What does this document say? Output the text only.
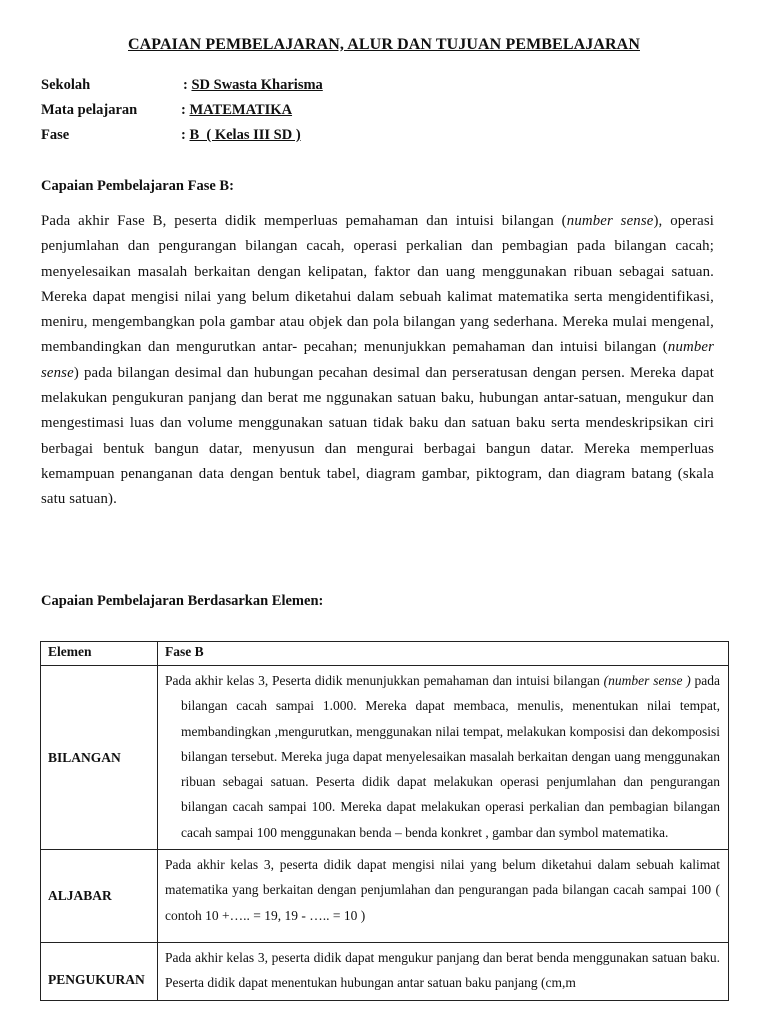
CAPAIAN PEMBELAJARAN, ALUR DAN TUJUAN PEMBELAJARAN
Sekolah	: SD Swasta Kharisma
Mata pelajaran	: MATEMATIKA
Fase	: B  ( Kelas III SD )
Capaian Pembelajaran Fase B:

Pada akhir Fase B, peserta didik memperluas pemahaman dan intuisi bilangan (number sense), operasi penjumlahan dan pengurangan bilangan cacah, operasi perkalian dan pembagian pada bilangan cacah; menyelesaikan masalah berkaitan dengan kelipatan, faktor dan uang menggunakan ribuan sebagai satuan. Mereka dapat mengisi nilai yang belum diketahui dalam sebuah kalimat matematika serta mengidentifikasi, meniru, mengembangkan pola gambar atau objek dan pola bilangan yang sederhana. Mereka mulai mengenal, membandingkan dan mengurutkan antar- pecahan; menunjukkan pemahaman dan intuisi bilangan (number sense) pada bilangan desimal dan hubungan pecahan desimal dan perseratusan dengan persen. Mereka dapat melakukan pengukuran panjang dan berat me nggunakan satuan baku, hubungan antar-satuan, mengukur dan mengestimasi luas dan volume menggunakan satuan tidak baku dan satuan baku serta mendeskripsikan ciri berbagai bentuk bangun datar, menyusun dan mengurai berbagai bangun datar. Mereka memperluas kemampuan penanganan data dengan bentuk tabel, diagram gambar, piktogram, dan diagram batang (skala satu satuan).

Capaian Pembelajaran Berdasarkan Elemen:
Elemen	Fase B
BILANGAN	Pada akhir kelas 3, Peserta didik menunjukkan pemahaman dan intuisi bilangan (number sense ) pada bilangan cacah sampai 1.000. Mereka dapat membaca, menulis, menentukan nilai tempat, membandingkan ,mengurutkan, menggunakan nilai tempat, melakukan komposisi dan dekomposisi bilangan tersebut. Mereka juga dapat menyelesaikan masalah berkaitan dengan uang menggunakan ribuan sebagai satuan. Peserta didik dapat melakukan operasi penjumlahan dan pengurangan bilangan cacah sampai 100. Mereka dapat melakukan operasi perkalian dan pembagian bilangan cacah sampai 100 menggunakan benda – benda konkret , gambar dan symbol matematika.

ALJABAR	Pada akhir kelas 3, peserta didik dapat mengisi nilai yang belum diketahui dalam sebuah kalimat matematika yang berkaitan dengan penjumlahan dan pengurangan pada bilangan cacah sampai 100 ( contoh 10 +….. = 19, 19 - ….. = 10 )

PENGUKURAN	Pada akhir kelas 3, peserta didik dapat mengukur panjang dan berat benda menggunakan satuan baku. Peserta didik dapat menentukan hubungan antar satuan baku panjang (cm,m
